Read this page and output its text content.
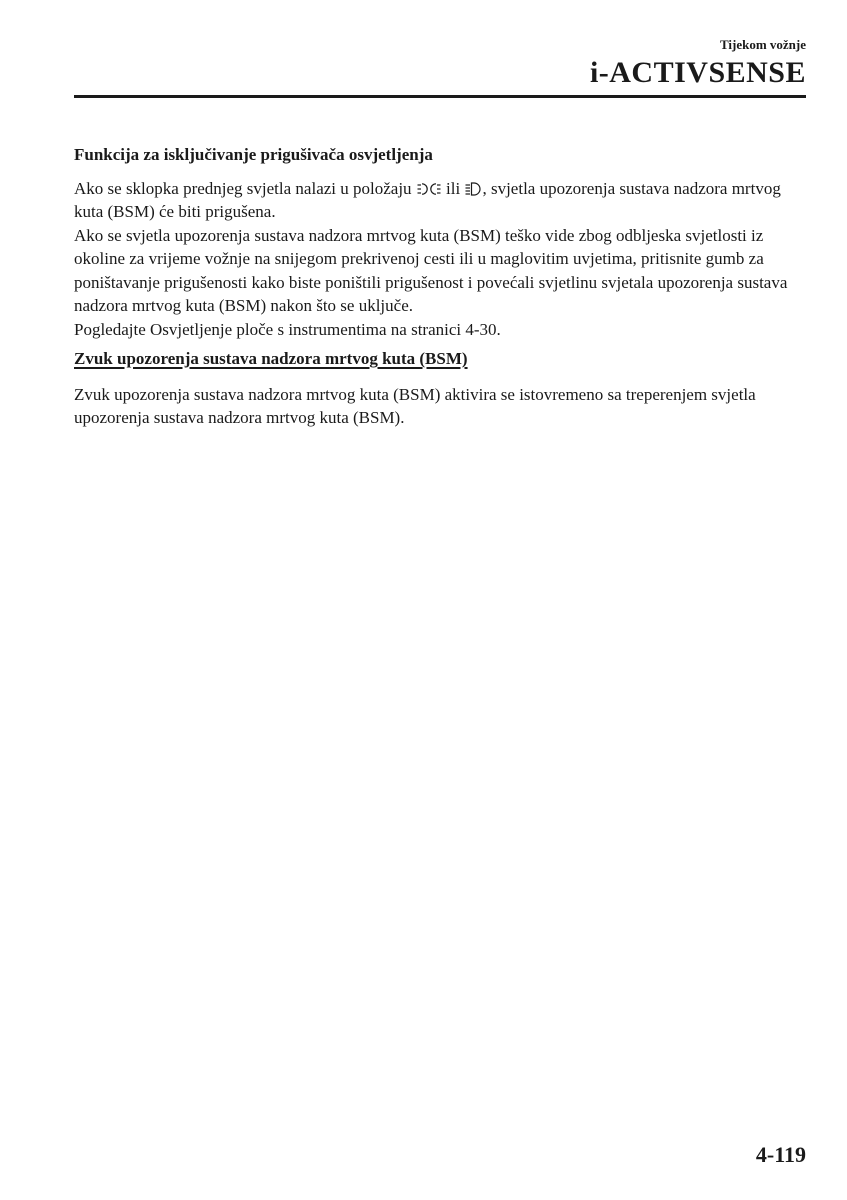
Tijekom vožnje
i-ACTIVSENSE
Funkcija za isključivanje prigušivača osvjetljenja

Ako se sklopka prednjeg svjetla nalazi u položaju ili , svjetla upozorenja sustava nadzora mrtvog kuta (BSM) će biti prigušena.

Ako se svjetla upozorenja sustava nadzora mrtvog kuta (BSM) teško vide zbog odbljeska svjetlosti iz okoline za vrijeme vožnje na snijegom prekrivenoj cesti ili u maglovitim uvjetima, pritisnite gumb za poništavanje prigušenosti kako biste poništili prigušenost i povećali svjetlinu svjetala upozorenja sustava nadzora mrtvog kuta (BSM) nakon što se uključe.

Pogledajte Osvjetljenje ploče s instrumentima na stranici 4-30.

Zvuk upozorenja sustava nadzora mrtvog kuta (BSM)

Zvuk upozorenja sustava nadzora mrtvog kuta (BSM) aktivira se istovremeno sa treperenjem svjetla upozorenja sustava nadzora mrtvog kuta (BSM).

4-119
